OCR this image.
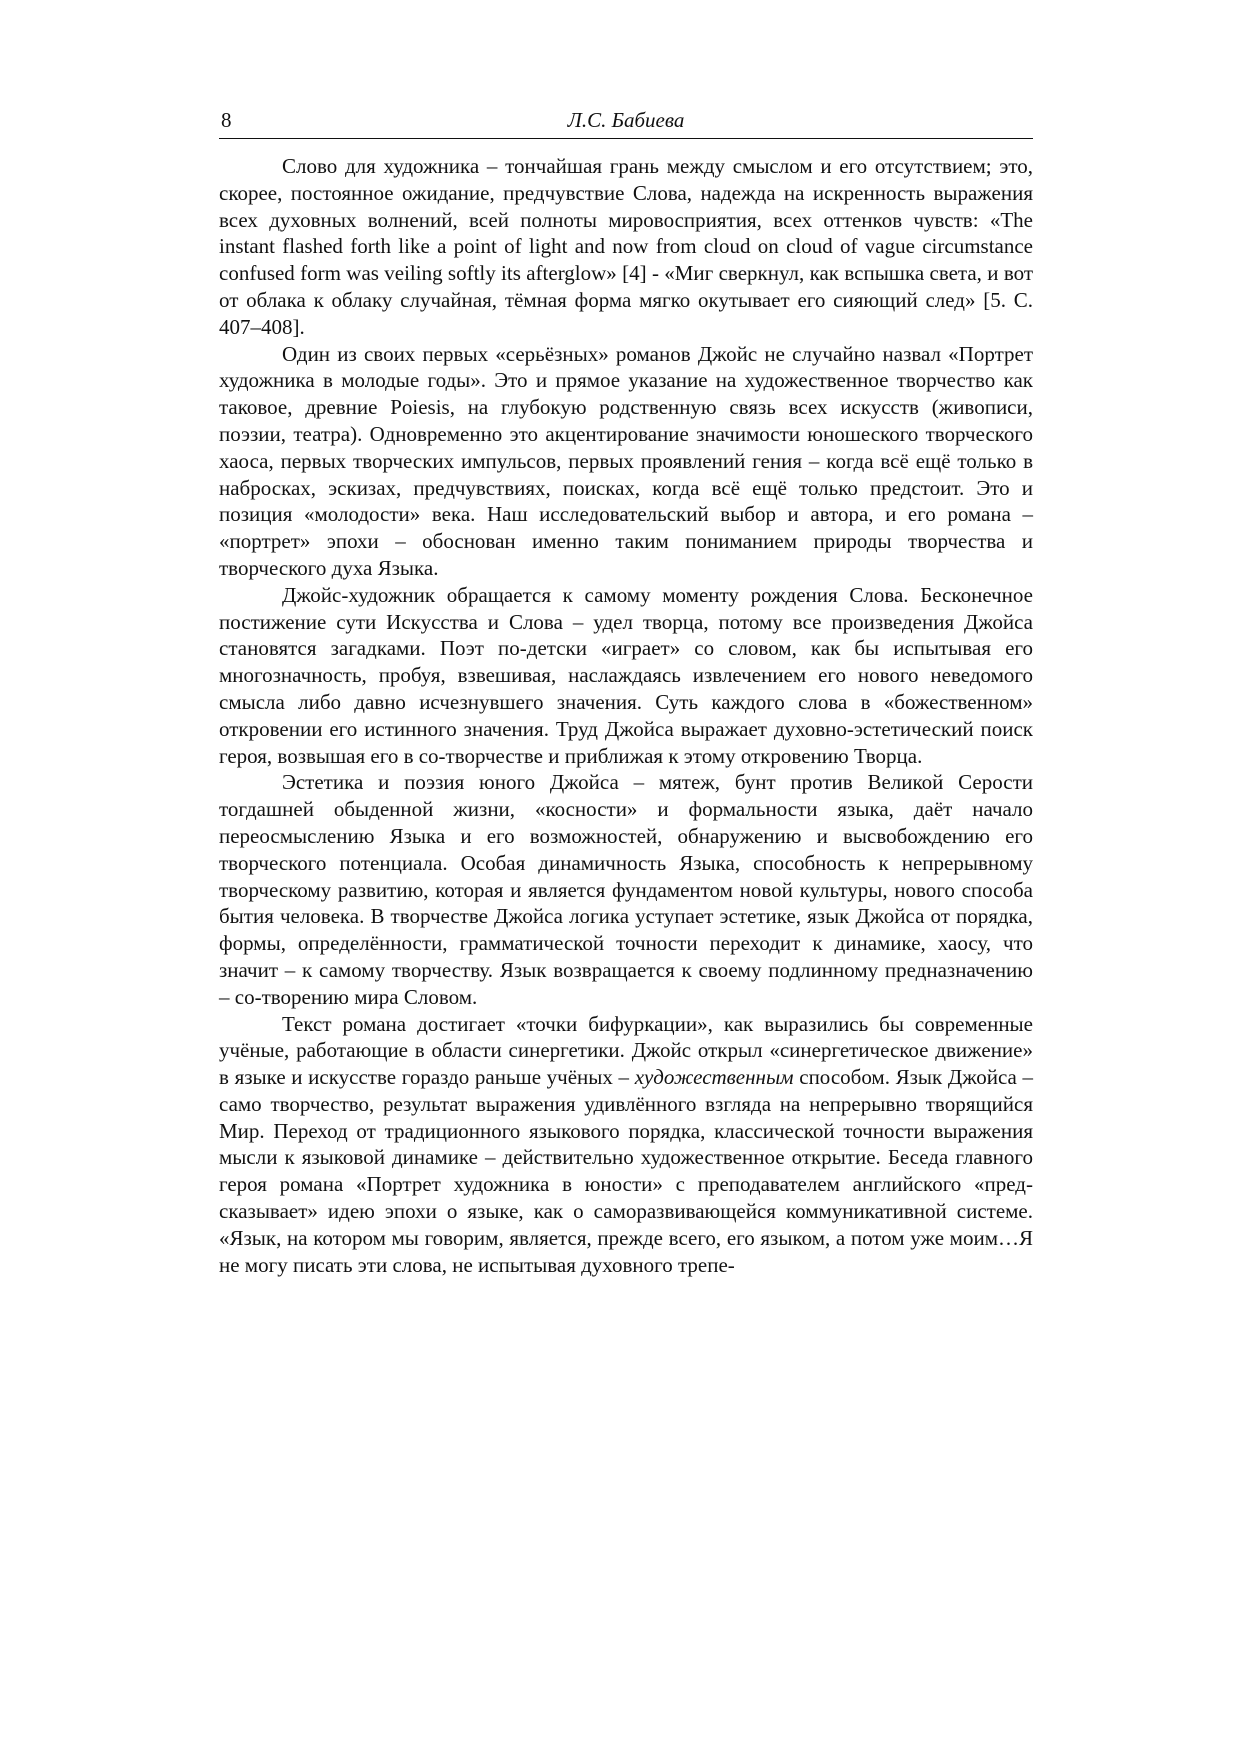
8	Л.С. Бабиева

Слово для художника – тончайшая грань между смыслом и его отсутствием; это, скорее, постоянное ожидание, предчувствие Слова, надежда на искренность выражения всех духовных волнений, всей полноты мировосприятия, всех оттенков чувств: «The instant flashed forth like a point of light and now from cloud on cloud of vague circumstance confused form was veiling softly its afterglow» [4] - «Миг сверкнул, как вспышка света, и вот от облака к облаку случайная, тёмная форма мягко окутывает его сияющий след» [5. С. 407–408].

Один из своих первых «серьёзных» романов Джойс не случайно назвал «Портрет художника в молодые годы». Это и прямое указание на художественное творчество как таковое, древние Poiesis, на глубокую родственную связь всех искусств (живописи, поэзии, театра). Одновременно это акцентирование значимости юношеского творческого хаоса, первых творческих импульсов, первых проявлений гения – когда всё ещё только в набросках, эскизах, предчувствиях, поисках, когда всё ещё только предстоит. Это и позиция «молодости» века. Наш исследовательский выбор и автора, и его романа – «портрет» эпохи – обоснован именно таким пониманием природы творчества и творческого духа Языка.

Джойс-художник обращается к самому моменту рождения Слова. Бесконечное постижение сути Искусства и Слова – удел творца, потому все произведения Джойса становятся загадками. Поэт по-детски «играет» со словом, как бы испытывая его многозначность, пробуя, взвешивая, наслаждаясь извлечением его нового неведомого смысла либо давно исчезнувшего значения. Суть каждого слова в «божественном» откровении его истинного значения. Труд Джойса выражает духовно-эстетический поиск героя, возвышая его в со-творчестве и приближая к этому откровению Творца.

Эстетика и поэзия юного Джойса – мятеж, бунт против Великой Серости тогдашней обыденной жизни, «косности» и формальности языка, даёт начало переосмыслению Языка и его возможностей, обнаружению и высвобождению его творческого потенциала. Особая динамичность Языка, способность к непрерывному творческому развитию, которая и является фундаментом новой культуры, нового способа бытия человека. В творчестве Джойса логика уступает эстетике, язык Джойса от порядка, формы, определённости, грамматической точности переходит к динамике, хаосу, что значит – к самому творчеству. Язык возвращается к своему подлинному предназначению – со-творению мира Словом.

Текст романа достигает «точки бифуркации», как выразились бы современные учёные, работающие в области синергетики. Джойс открыл «синергетическое движение» в языке и искусстве гораздо раньше учёных – художественным способом. Язык Джойса – само творчество, результат выражения удивлённого взгляда на непрерывно творящийся Мир. Переход от традиционного языкового порядка, классической точности выражения мысли к языковой динамике – действительно художественное открытие. Беседа главного героя романа «Портрет художника в юности» с преподавателем английского «предсказывает» идею эпохи о языке, как о саморазвивающейся коммуникативной системе. «Язык, на котором мы говорим, является, прежде всего, его языком, а потом уже моим…Я не могу писать эти слова, не испытывая духовного трепе-
